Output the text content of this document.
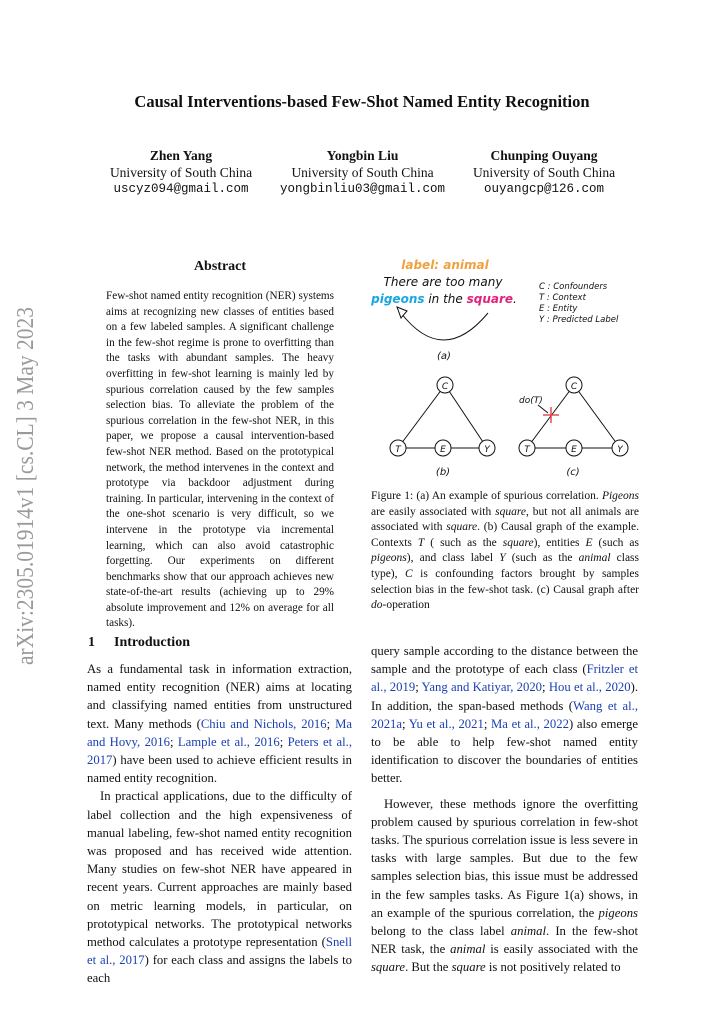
arXiv:2305.01914v1 [cs.CL] 3 May 2023
Causal Interventions-based Few-Shot Named Entity Recognition
Zhen Yang
University of South China
uscyz094@gmail.com
Yongbin Liu
University of South China
yongbinliu03@gmail.com
Chunping Ouyang
University of South China
ouyangcp@126.com
Abstract
Few-shot named entity recognition (NER) systems aims at recognizing new classes of entities based on a few labeled samples. A significant challenge in the few-shot regime is prone to overfitting than the tasks with abundant samples. The heavy overfitting in few-shot learning is mainly led by spurious correlation caused by the few samples selection bias. To alleviate the problem of the spurious correlation in the few-shot NER, in this paper, we propose a causal intervention-based few-shot NER method. Based on the prototypical network, the method intervenes in the context and prototype via backdoor adjustment during training. In particular, intervening in the context of the one-shot scenario is very difficult, so we intervene in the prototype via incremental learning, which can also avoid catastrophic forgetting. Our experiments on different benchmarks show that our approach achieves new state-of-the-art results (achieving up to 29% absolute improvement and 12% on average for all tasks).
1 Introduction

As a fundamental task in information extraction, named entity recognition (NER) aims at locating and classifying named entities from unstructured text. Many methods (Chiu and Nichols, 2016; Ma and Hovy, 2016; Lample et al., 2016; Peters et al., 2017) have been used to achieve efficient results in named entity recognition.

In practical applications, due to the difficulty of label collection and the high expensiveness of manual labeling, few-shot named entity recognition was proposed and has received wide attention. Many studies on few-shot NER have appeared in recent years. Current approaches are mainly based on metric learning models, in particular, on prototypical networks. The prototypical networks method calculates a prototype representation (Snell et al., 2017) for each class and assigns the labels to each

label: animal
There are too many
pigeons in the square.
C : Confounders
T : Context
E : Entity
Y : Predicted Label
(a)
C
T	E	Y
(b)
do(T)
C
T	E	Y
(c)
Figure 1: (a) An example of spurious correlation. Pigeons are easily associated with square, but not all animals are associated with square. (b) Causal graph of the example. Contexts T ( such as the square), entities E (such as pigeons), and class label Y (such as the animal class type), C is confounding factors brought by samples selection bias in the few-shot task. (c) Causal graph after do-operation

query sample according to the distance between the sample and the prototype of each class (Fritzler et al., 2019; Yang and Katiyar, 2020; Hou et al., 2020). In addition, the span-based methods (Wang et al., 2021a; Yu et al., 2021; Ma et al., 2022) also emerge to be able to help few-shot named entity identification to discover the boundaries of entities better.

However, these methods ignore the overfitting problem caused by spurious correlation in few-shot tasks. The spurious correlation issue is less severe in tasks with large samples. But due to the few samples selection bias, this issue must be addressed in the few samples tasks. As Figure 1(a) shows, in an example of the spurious correlation, the pigeons belong to the class label animal. In the few-shot NER task, the animal is easily associated with the square. But the square is not positively related to
